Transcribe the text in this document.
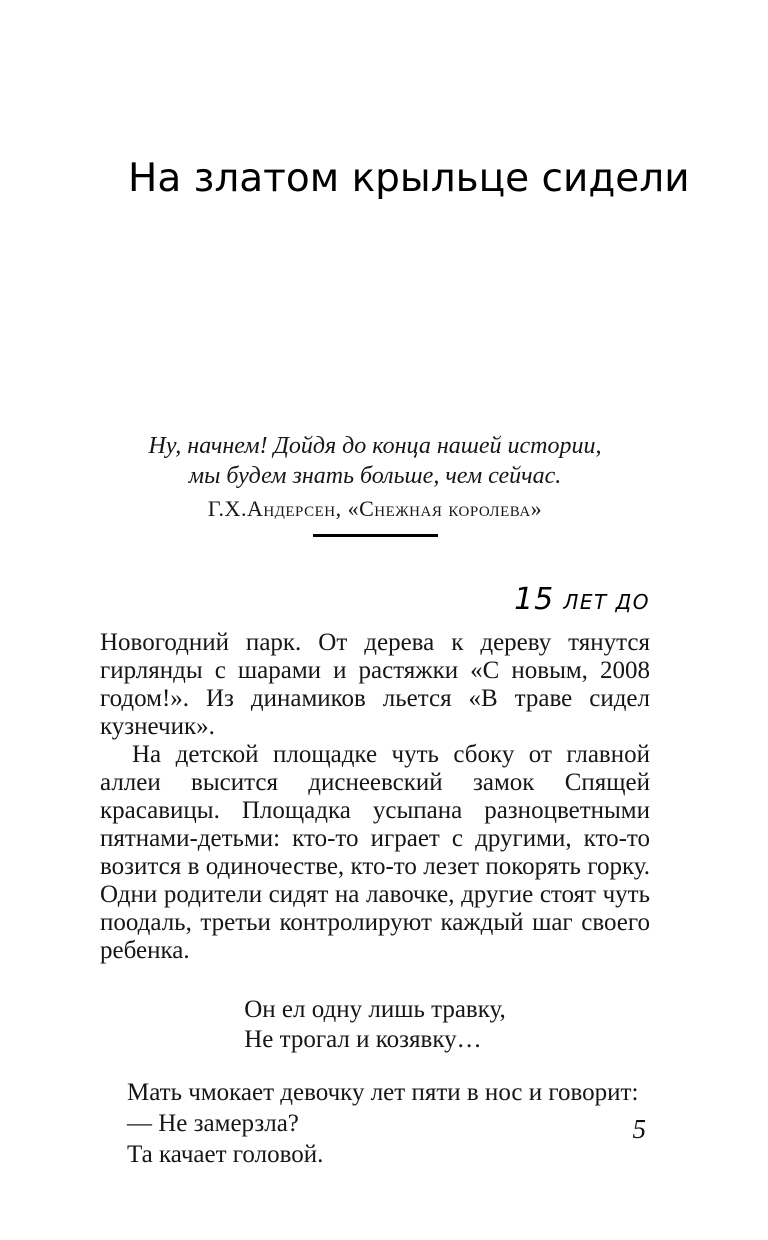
На златом крыльце сидели
Ну, начнем! Дойдя до конца нашей истории,
мы будем знать больше, чем сейчас.
Г.Х.Андерсен, «Снежная королева»
15 ЛЕТ ДО

Новогодний парк. От дерева к дереву тянутся гирлянды с шарами и растяжки «С новым, 2008 годом!». Из динамиков льется «В траве сидел кузнечик».

На детской площадке чуть сбоку от главной аллеи высится диснеевский замок Спящей красавицы. Площадка усыпана разноцветными пятнами-детьми: кто-то играет с другими, кто-то возится в одиночестве, кто-то лезет покорять горку. Одни родители сидят на лавочке, другие стоят чуть поодаль, третьи контролируют каждый шаг своего ребенка.

Он ел одну лишь травку,
Не трогал и козявку…
Мать чмокает девочку лет пяти в нос и говорит:
— Не замерзла?
Та качает головой.
5
